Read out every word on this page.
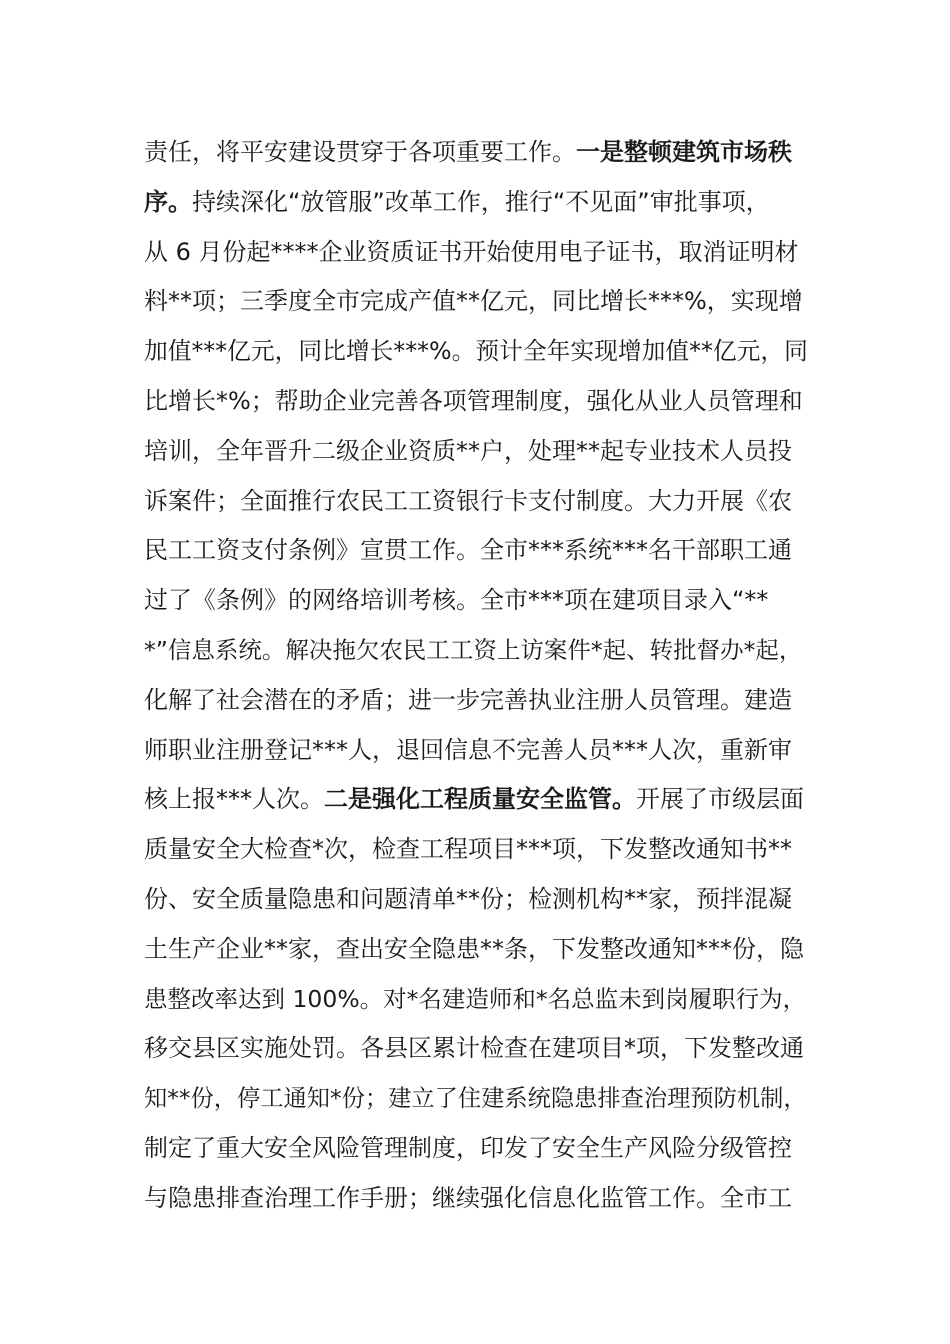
责任，将平安建设贯穿于各项重要工作。一是整顿建筑市场秩
序。持续深化“放管服”改革工作，推行“不见面”审批事项，
从 6 月份起****企业资质证书开始使用电子证书，取消证明材
料**项；三季度全市完成产值**亿元，同比增长***%，实现增
加值***亿元，同比增长***%。预计全年实现增加值**亿元，同
比增长*%；帮助企业完善各项管理制度，强化从业人员管理和
培训，全年晋升二级企业资质**户，处理**起专业技术人员投
诉案件；全面推行农民工工资银行卡支付制度。大力开展《农
民工工资支付条例》宣贯工作。全市***系统***名干部职工通
过了《条例》的网络培训考核。全市***项在建项目录入“**
*”信息系统。解决拖欠农民工工资上访案件*起、转批督办*起，
化解了社会潜在的矛盾；进一步完善执业注册人员管理。建造
师职业注册登记***人，退回信息不完善人员***人次，重新审
核上报***人次。二是强化工程质量安全监管。开展了市级层面
质量安全大检查*次，检查工程项目***项，下发整改通知书**
份、安全质量隐患和问题清单**份；检测机构**家，预拌混凝
土生产企业**家，查出安全隐患**条，下发整改通知***份，隐
患整改率达到 100%。对*名建造师和*名总监未到岗履职行为，
移交县区实施处罚。各县区累计检查在建项目*项，下发整改通
知**份，停工通知*份；建立了住建系统隐患排查治理预防机制，
制定了重大安全风险管理制度，印发了安全生产风险分级管控
与隐患排查治理工作手册；继续强化信息化监管工作。全市工
